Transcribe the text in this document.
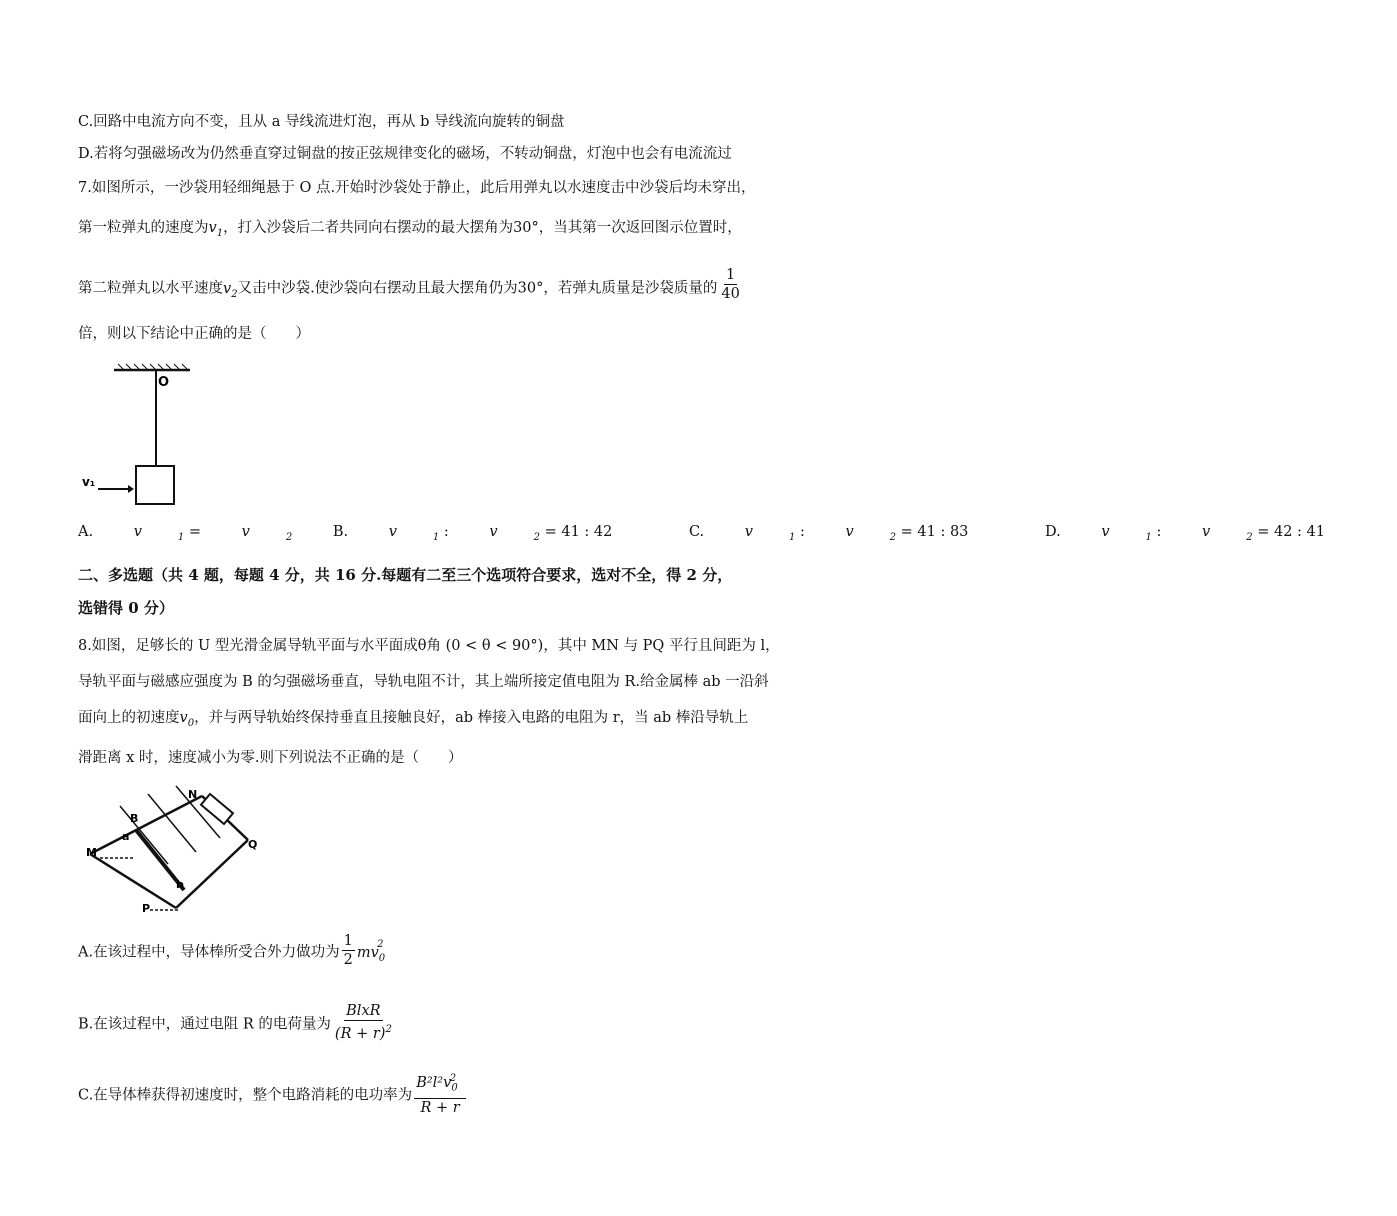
C.回路中电流方向不变，且从 a 导线流进灯泡，再从 b 导线流向旋转的铜盘
D.若将匀强磁场改为仍然垂直穿过铜盘的按正弦规律变化的磁场，不转动铜盘，灯泡中也会有电流流过
7.如图所示，一沙袋用轻细绳悬于 O 点.开始时沙袋处于静止，此后用弹丸以水速度击中沙袋后均未穿出，
第一粒弹丸的速度为$v_1$，打入沙袋后二者共同向右摆动的最大摆角为30°，当其第一次返回图示位置时，
第二粒弹丸以水平速度$v_2$又击中沙袋.使沙袋向右摆动且最大摆角仍为30°，若弹丸质量是沙袋质量的 $\frac{1}{40}$
倍，则以下结论中正确的是（　　）
O
v₁
A.	v	$_1$ = v	$_2$	B.	v	$_1$ : v	$_2$ = 41 : 42	C.	v	$_1$ : v	$_2$ = 41 : 83	D.	v	$_1$ : v	$_2$ = 42 : 41
二、多选题（共 4 题，每题 4 分，共 16 分.每题有二至三个选项符合要求，选对不全，得 2 分，
选错得 0 分）
8.如图，足够长的 U 型光滑金属导轨平面与水平面成θ角 (0 < θ < 90°)，其中 MN 与 PQ 平行且间距为 l，
导轨平面与磁感应强度为 B 的匀强磁场垂直，导轨电阻不计，其上端所接定值电阻为 R.给金属棒 ab 一沿斜
面向上的初速度$v_0$，并与两导轨始终保持垂直且接触良好，ab 棒接入电路的电阻为 r，当 ab 棒沿导轨上
滑距离 x 时，速度减小为零.则下列说法不正确的是（　　）
B
N
a
M
Q
P
b
A.在该过程中，导体棒所受合外力做功为 $\frac{1}{2} mv_0^2$
B.在该过程中，通过电阻 R 的电荷量为 $\frac{\text{BlxR}}{(R + r)^2}$
C.在导体棒获得初速度时，整个电路消耗的电功率为 $\frac{B^2l^2v_0^2}{R + r}$
